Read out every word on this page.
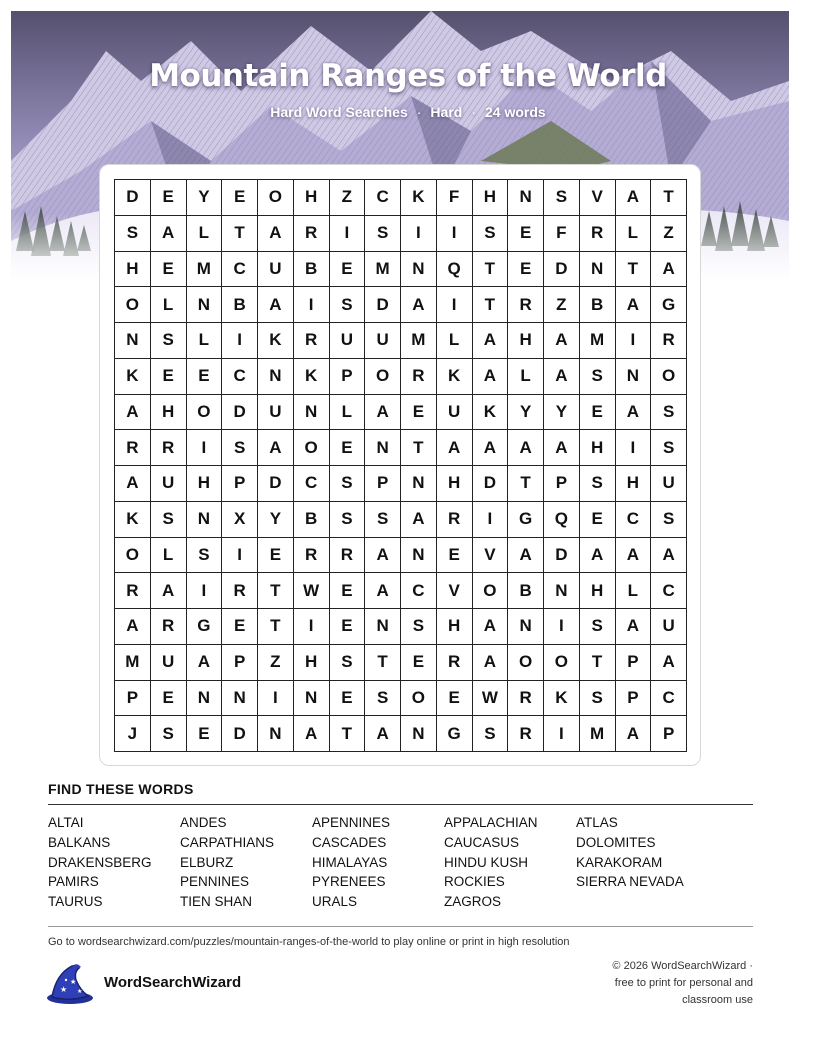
Mountain Ranges of the World
Hard Word Searches · Hard · 24 words
D	E	Y	E	O	H	Z	C	K	F	H	N	S	V	A	T
S	A	L	T	A	R	I	S	I	I	S	E	F	R	L	Z
H	E	M	C	U	B	E	M	N	Q	T	E	D	N	T	A
O	L	N	B	A	I	S	D	A	I	T	R	Z	B	A	G
N	S	L	I	K	R	U	U	M	L	A	H	A	M	I	R
K	E	E	C	N	K	P	O	R	K	A	L	A	S	N	O
A	H	O	D	U	N	L	A	E	U	K	Y	Y	E	A	S
R	R	I	S	A	O	E	N	T	A	A	A	A	H	I	S
A	U	H	P	D	C	S	P	N	H	D	T	P	S	H	U
K	S	N	X	Y	B	S	S	A	R	I	G	Q	E	C	S
O	L	S	I	E	R	R	A	N	E	V	A	D	A	A	A
R	A	I	R	T	W	E	A	C	V	O	B	N	H	L	C
A	R	G	E	T	I	E	N	S	H	A	N	I	S	A	U
M	U	A	P	Z	H	S	T	E	R	A	O	O	T	P	A
P	E	N	N	I	N	E	S	O	E	W	R	K	S	P	C
J	S	E	D	N	A	T	A	N	G	S	R	I	M	A	P
FIND THESE WORDS
ALTAI	ANDES	APENNINES	APPALACHIAN	ATLAS
BALKANS	CARPATHIANS	CASCADES	CAUCASUS	DOLOMITES
DRAKENSBERG	ELBURZ	HIMALAYAS	HINDU KUSH	KARAKORAM
PAMIRS	PENNINES	PYRENEES	ROCKIES	SIERRA NEVADA
TAURUS	TIEN SHAN	URALS	ZAGROS
Go to wordsearchwizard.com/puzzles/mountain-ranges-of-the-world to play online or print in high resolution
★
★
★
WordSearchWizard
© 2026 WordSearchWizard ·
free to print for personal and
classroom use
